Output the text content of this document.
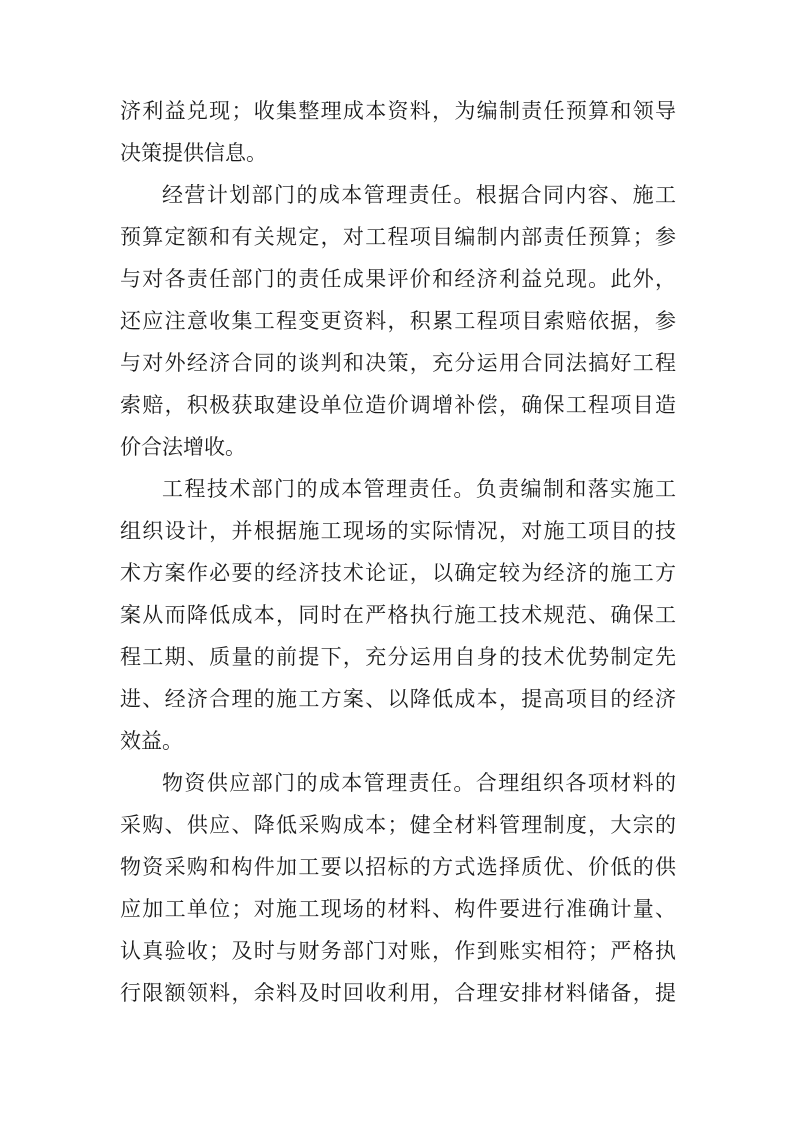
济利益兑现；收集整理成本资料，为编制责任预算和领导
决策提供信息。
经营计划部门的成本管理责任。根据合同内容、施工
预算定额和有关规定，对工程项目编制内部责任预算；参
与对各责任部门的责任成果评价和经济利益兑现。此外，
还应注意收集工程变更资料，积累工程项目索赔依据，参
与对外经济合同的谈判和决策，充分运用合同法搞好工程
索赔，积极获取建设单位造价调增补偿，确保工程项目造
价合法增收。
工程技术部门的成本管理责任。负责编制和落实施工
组织设计，并根据施工现场的实际情况，对施工项目的技
术方案作必要的经济技术论证，以确定较为经济的施工方
案从而降低成本，同时在严格执行施工技术规范、确保工
程工期、质量的前提下，充分运用自身的技术优势制定先
进、经济合理的施工方案、以降低成本，提高项目的经济
效益。
物资供应部门的成本管理责任。合理组织各项材料的
采购、供应、降低采购成本；健全材料管理制度，大宗的
物资采购和构件加工要以招标的方式选择质优、价低的供
应加工单位；对施工现场的材料、构件要进行准确计量、
认真验收；及时与财务部门对账，作到账实相符；严格执
行限额领料，余料及时回收利用，合理安排材料储备，提
